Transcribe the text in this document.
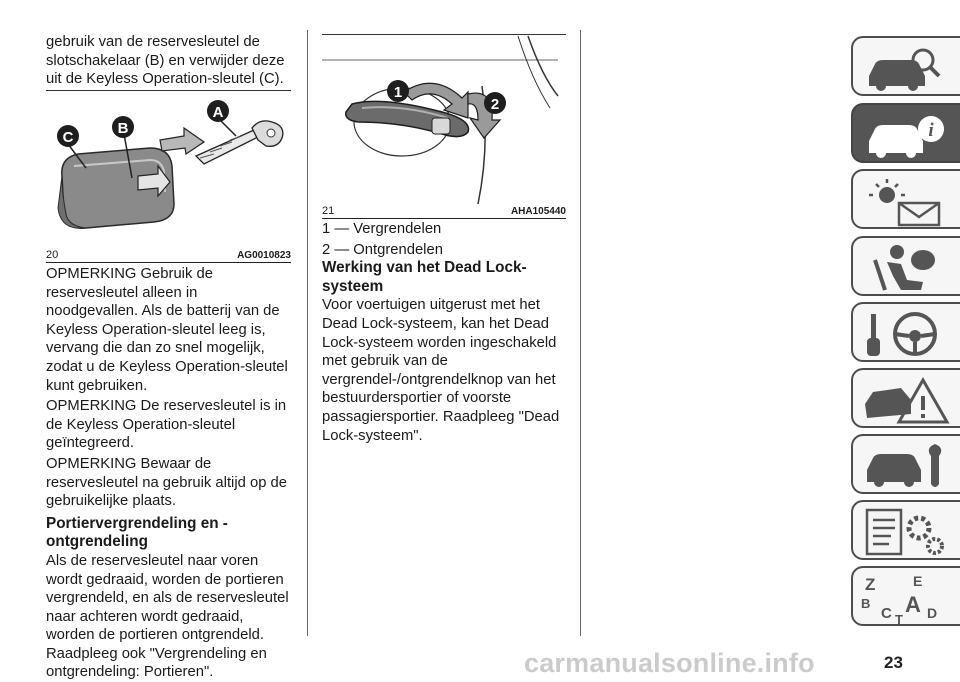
gebruik van de reservesleutel de slotschakelaar (B) en verwijder deze uit de Keyless Operation-sleutel (C).

C
B
A
20	AG0010823

OPMERKING Gebruik de reservesleutel alleen in noodgevallen. Als de batterij van de Keyless Operation-sleutel leeg is, vervang die dan zo snel mogelijk, zodat u de Keyless Operation-sleutel kunt gebruiken.

OPMERKING De reservesleutel is in de Keyless Operation-sleutel geïntegreerd.

OPMERKING Bewaar de reservesleutel na gebruik altijd op de gebruikelijke plaats.

Portiervergrendeling en -ontgrendeling

Als de reservesleutel naar voren wordt gedraaid, worden de portieren vergrendeld, en als de reservesleutel naar achteren wordt gedraaid, worden de portieren ontgrendeld. Raadpleeg ook "Vergrendeling en ontgrendeling: Portieren".

1
2
21	AHA105440

1 — Vergrendelen

2 — Ontgrendelen

Werking van het Dead Lock-systeem

Voor voertuigen uitgerust met het Dead Lock-systeem, kan het Dead Lock-systeem worden ingeschakeld met gebruik van de vergrendel-/ontgrendelknop van het bestuurdersportier of voorste passagiersportier. Raadpleeg "Dead Lock-systeem".

i
Z	E
B A
C	D
T
23
carmanualsonline.info
